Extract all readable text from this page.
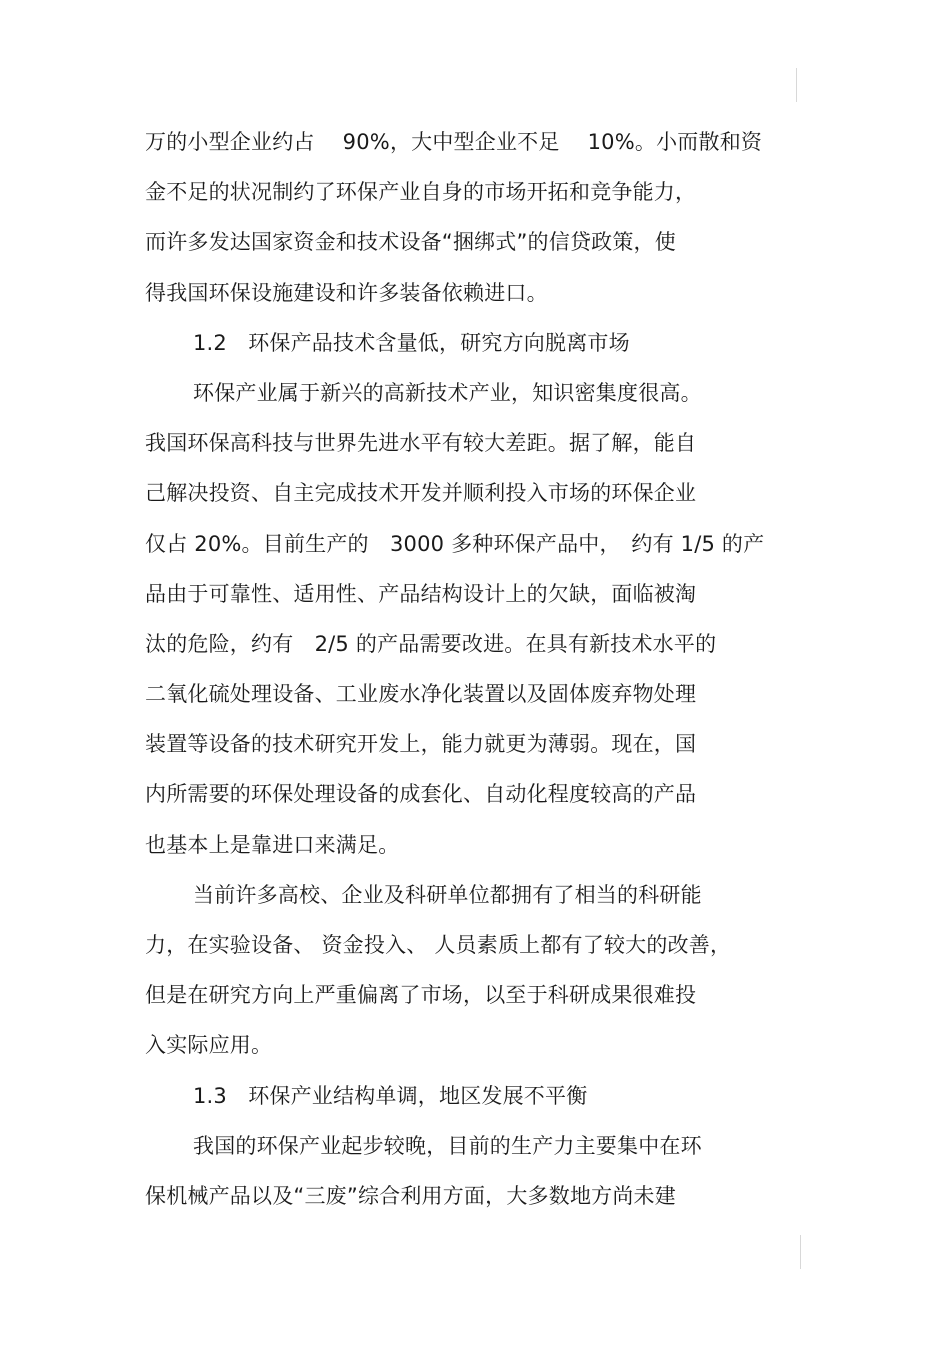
万的小型企业约占　 90%，大中型企业不足　 10%。小而散和资
金不足的状况制约了环保产业自身的市场开拓和竞争能力，
而许多发达国家资金和技术设备“捆绑式”的信贷政策，使
得我国环保设施建设和许多装备依赖进口。
1.2　环保产品技术含量低，研究方向脱离市场
环保产业属于新兴的高新技术产业，知识密集度很高。
我国环保高科技与世界先进水平有较大差距。据了解，能自
己解决投资、自主完成技术开发并顺利投入市场的环保企业
仅占 20%。目前生产的　3000 多种环保产品中，　约有 1/5 的产
品由于可靠性、适用性、产品结构设计上的欠缺，面临被淘
汰的危险，约有　2/5 的产品需要改进。在具有新技术水平的
二氧化硫处理设备、工业废水净化装置以及固体废弃物处理
装置等设备的技术研究开发上，能力就更为薄弱。现在，国
内所需要的环保处理设备的成套化、自动化程度较高的产品
也基本上是靠进口来满足。
当前许多高校、企业及科研单位都拥有了相当的科研能
力，在实验设备、 资金投入、 人员素质上都有了较大的改善，
但是在研究方向上严重偏离了市场，以至于科研成果很难投
入实际应用。
1.3　环保产业结构单调，地区发展不平衡
我国的环保产业起步较晚，目前的生产力主要集中在环
保机械产品以及“三废”综合利用方面，大多数地方尚未建
